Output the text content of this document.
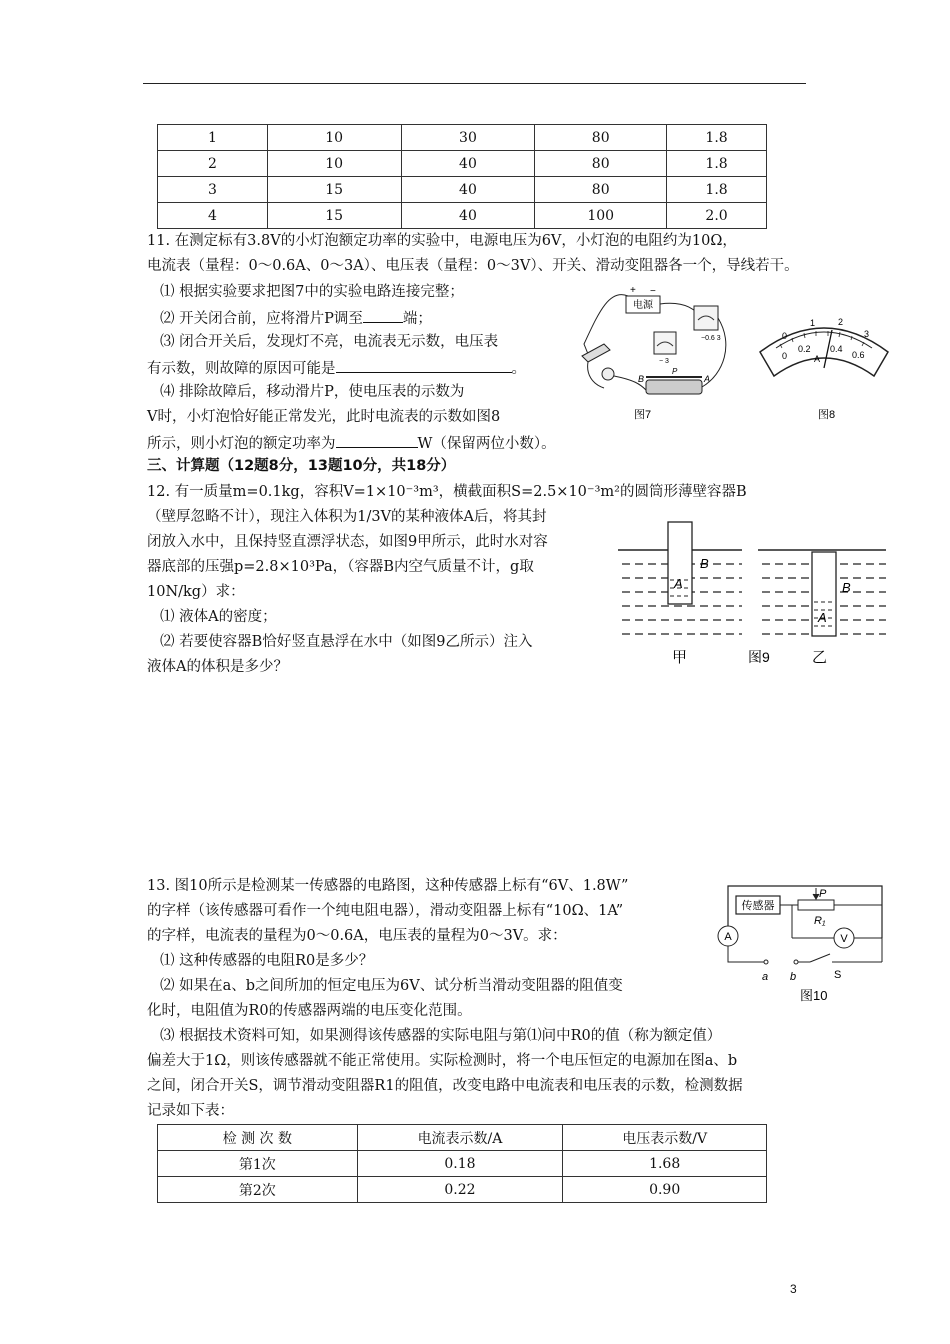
1	10	30	80	1.8
2	10	40	80	1.8
3	15	40	80	1.8
4	15	40	100	2.0
11. 在测定标有3.8V的小灯泡额定功率的实验中，电源电压为6V，小灯泡的电阻约为10Ω，
电流表（量程：0～0.6A、0～3A）、电压表（量程：0～3V）、开关、滑动变阻器各一个，导线若干。
⑴ 根据实验要求把图7中的实验电路连接完整；
⑵ 开关闭合前，应将滑片P调至	端；
⑶ 闭合开关后，发现灯不亮，电流表无示数，电压表
有示数，则故障的原因可能是	。
⑷ 排除故障后，移动滑片P，使电压表的示数为
V时，小灯泡恰好能正常发光，此时电流表的示数如图8
所示，则小灯泡的额定功率为	W（保留两位小数）。
电源
+ −
−0.6 3
− 3
B	A
P
图7
0
1	2
3
0
0.2 0.4
0.6
A
图8
三、计算题（12题8分，13题10分，共18分）
12. 有一质量m=0.1kg，容积V=1×10⁻³m³，横截面积S=2.5×10⁻³m²的圆筒形薄壁容器B
（壁厚忽略不计），现注入体积为1/3V的某种液体A后，将其封
闭放入水中，且保持竖直漂浮状态，如图9甲所示，此时水对容
器底部的压强p=2.8×10³Pa，（容器B内空气质量不计，g取
10N/kg）求：
⑴ 液体A的密度；
⑵ 若要使容器B恰好竖直悬浮在水中（如图9乙所示）注入
液体A的体积是多少？
B
A	B
A
甲	图9	乙
13. 图10所示是检测某一传感器的电路图，这种传感器上标有“6V、1.8W”
的字样（该传感器可看作一个纯电阻电器），滑动变阻器上标有“10Ω、1A”
的字样，电流表的量程为0～0.6A，电压表的量程为0～3V。求：
⑴ 这种传感器的电阻R0是多少？
⑵ 如果在a、b之间所加的恒定电压为6V、试分析当滑动变阻器的阻值变
化时，电阻值为R0的传感器两端的电压变化范围。
⑶ 根据技术资料可知，如果测得该传感器的实际电阻与第⑴问中R0的值（称为额定值）
偏差大于1Ω，则该传感器就不能正常使用。实际检测时，将一个电压恒定的电源加在图a、b
之间，闭合开关S，调节滑动变阻器R1的阻值，改变电路中电流表和电压表的示数，检测数据
记录如下表：
传感器
P
R₁
V
A
a b	S
图10
检 测 次 数	电流表示数/A	电压表示数/V
第1次	0.18	1.68
第2次	0.22	0.90
3
